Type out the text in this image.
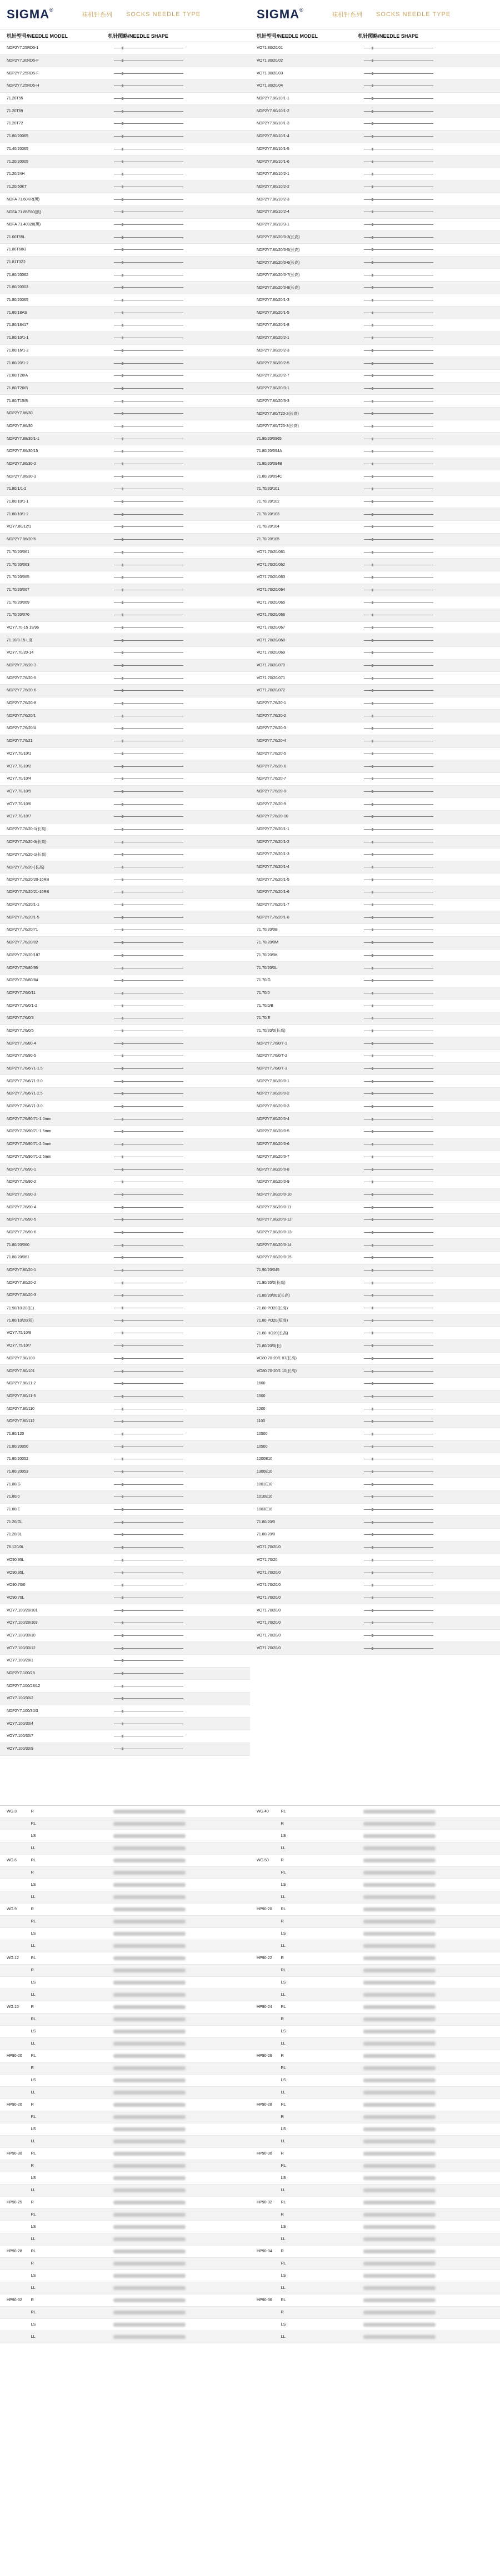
SIGMA®
袜机针系列	SOCKS NEEDLE TYPE	SIGMA®
袜机针系列	SOCKS NEEDLE TYPE
机针型号/NEEDLE MODEL	机针图略/NEEDLE SHAPE	机针型号/NEEDLE MODEL	机针图略/NEEDLE SHAPE
NDP2Y7.25RD5-1
NDP2Y7.30RD5-F
NDP2Y7.25RD5-F
NDP2Y7.25RD5-H
71.20T55
71.20T69
71.20T72
71.80/20065
71.40/20065
71.20/20005
71.20/24H
71.20/60KT
NDFA 71.60KR(黑)
NDFA 71.85E60(黑)
NDFA 71.40020(黑)
71.00T55L
71.80T60/3
71.81T3Z2
71.80/20062
71.80/20003
71.80/20065
71.80/18AS
71.80/18417
71.80/10/1-1
71.80/16/1-2
71.80/20/1-2
71.80/T20/A
71.80/T20/B
71.80/T15/B
NDP2Y7.86/30
NDP2Y7.86/30
NDP2Y7.88/30/1-1
NDP2Y7.86/30/15
NDP2Y7.86/30-2
NDP2Y7.86/30-3
71.80/1/1-2
71.80/10/1-1
71.80/10/1-2
VOY7.80/12/1
NDP2Y7.86/20/6
71.70/20/061
71.70/20/063
71.70/20/065
71.70/20/067
71.70/20/069
71.70/20/070
VOY7.70-15 19/96
71.10/0-15-L高
VOY7.70/20-14
NDP2Y7.76/20-3
NDP2Y7.76/20-5
NDP2Y7.76/20-6
NDP2Y7.76/20-8
NDP2Y7.76/20/1
NDP2Y7.76/20/4
NDP2Y7.76/21
VOY7.70/10/1
VOY7.70/10/2
VOY7.70/10/4
VOY7.70/10/5
VOY7.70/10/6
VOY7.70/10/7
NDP2Y7.76/20-1(长高)
NDP2Y7.76/20-3(长高)
NDP2Y7.76/20-1(长高)
NDP2Y7.76/20-(长高)
NDP2Y7.76/20/20-16RB
NDP2Y7.76/20/21-16RB
NDP2Y7.76/20/1-1
NDP2Y7.76/20/1-5
NDP2Y7.76/20/71
NDP2Y7.76/20/02
NDP2Y7.76/20/187
NDP2Y7.76/80/95
NDP2Y7.76/80/84
NDP2Y7.76/0/11
NDP2Y7.76/0/1-2
NDP2Y7.76/0/3
NDP2Y7.76/0/5
NDP2Y7.76/80-4
NDP2Y7.76/90-5
NDP2Y7.76/6/71-1.5
NDP2Y7.76/6/71-2.0
NDP2Y7.76/6/71-2.5
NDP2Y7.76/6/71-3.0
NDP2Y7.76/90/71-1.0mm
NDP2Y7.76/90/71-1.5mm
NDP2Y7.76/90/71-2.0mm
NDP2Y7.76/90/71-2.5mm
NDP2Y7.76/90-1
NDP2Y7.76/90-2
NDP2Y7.76/90-3
NDP2Y7.76/90-4
NDP2Y7.76/90-5
NDP2Y7.76/90-6
71.80/20/060
71.80/20/061
NDP2Y7.80/20-1
NDP2Y7.80/20-2
NDP2Y7.80/20-3
71.90/10-20(长)
71.80/10/20(短)
VOY7.75/10/8
VOY7.75/10/7
NDP2Y7.80/100
NDP2Y7.80/101
NDP2Y7.80/11-2
NDP2Y7.80/11-5
NDP2Y7.80/110
NDP2Y7.80/112
71.80/120
71.80/20050
71.80/20052
71.80/20053
71.80/G
71.80/0
71.80/E
71.20/GL
71.20/0L
76.120/0L
VO90.95L
VO90.95L
VO90.70/0
VO90.70L
VOY7.100/28/101
VOY7.100/28/103
VOY7.100/30/10
VOY7.100/30/12
VOY7.100/28/1
NDP2Y7.100/28
NDP2Y7.100/28/12
VOY7.100/30/2
NDP2Y7.100/30/3
VOY7.100/30/4
VOY7.100/30/7
VOY7.100/30/9
VO71.80/20/01
VO71.80/20/02
VO71.80/20/03
VO71.80/20/04
NDP2Y7.80/10/1-1
NDP2Y7.80/10/1-2
NDP2Y7.80/10/1-3
NDP2Y7.80/10/1-4
NDP2Y7.80/10/1-5
NDP2Y7.80/10/1-6
NDP2Y7.80/10/2-1
NDP2Y7.80/10/2-2
NDP2Y7.80/10/2-3
NDP2Y7.80/10/2-4
NDP2Y7.80/10/3-1
NDP2Y7.80/20/0-3(长高)
NDP2Y7.80/20/0-5(长高)
NDP2Y7.80/20/0-6(长高)
NDP2Y7.80/20/0-7(长高)
NDP2Y7.80/20/0-8(长高)
NDP2Y7.80/20/1-3
NDP2Y7.80/20/1-5
NDP2Y7.80/20/1-8
NDP2Y7.80/20/2-1
NDP2Y7.80/20/2-3
NDP2Y7.80/20/2-5
NDP2Y7.80/20/2-7
NDP2Y7.80/20/3-1
NDP2Y7.80/20/3-3
NDP2Y7.80/T20-2(长高)
NDP2Y7.80/T20-3(长高)
71.80/20/0965
71.80/20/094A
71.80/20/094B
71.80/20/094C
71.70/20/101
71.70/20/102
71.70/20/103
71.70/20/104
71.70/20/105
VO71.70/20/061
VO71.70/20/062
VO71.70/20/063
VO71.70/20/064
VO71.70/20/065
VO71.70/20/066
VO71.70/20/067
VO71.70/20/068
VO71.70/20/069
VO71.70/20/070
VO71.70/20/071
VO71.70/20/072
NDP2Y7.76/20-1
NDP2Y7.76/20-2
NDP2Y7.76/20-3
NDP2Y7.76/20-4
NDP2Y7.76/20-5
NDP2Y7.76/20-6
NDP2Y7.76/20-7
NDP2Y7.76/20-8
NDP2Y7.76/20-9
NDP2Y7.76/20-10
NDP2Y7.76/20/1-1
NDP2Y7.76/20/1-2
NDP2Y7.76/20/1-3
NDP2Y7.76/20/1-4
NDP2Y7.76/20/1-5
NDP2Y7.76/20/1-6
NDP2Y7.76/20/1-7
NDP2Y7.76/20/1-8
71.70/20/0B
71.70/20/0M
71.70/20/0K
71.70/20/0L
71.70/G
71.70/0
71.70/0/B
71.70/E
71.70/20/0(长高)
NDP2Y7.76/0/T-1
NDP2Y7.76/0/T-2
NDP2Y7.76/0/T-3
NDP2Y7.80/20/0-1
NDP2Y7.80/20/0-2
NDP2Y7.80/20/0-3
NDP2Y7.80/20/0-4
NDP2Y7.80/20/0-5
NDP2Y7.80/20/0-6
NDP2Y7.80/20/0-7
NDP2Y7.80/20/0-8
NDP2Y7.80/20/0-9
NDP2Y7.80/20/0-10
NDP2Y7.80/20/0-11
NDP2Y7.80/20/0-12
NDP2Y7.80/20/0-13
NDP2Y7.80/20/0-14
NDP2Y7.80/20/0-15
71.90/20/045
71.80/20/0(长高)
71.80/20/001(长高)
71.80 PO20(长高)
71.80 PO20(短高)
71.80 HO20(长高)
71.80/20/0(长)
VO80.70-20/1 07(长高)
VO80.70-20/1 10(长高)
1600
1500
1200
1100
10500
10500
1200E10
1300E10
1001E10
1010E10
1003E10
71.80/20/0
71.80/20/0
VO71.70/20/0
VO71.70/20
VO71.70/20/0
VO71.70/20/0
VO71.70/20/0
VO71.70/20/0
VO71.70/20/0
VO71.70/20/0
VO71.70/20/0
WG.3	R
RL
LS
LL
WG.6	RL
R
LS
LL
WG.9	R
RL
LS
LL
WG.12	RL
R
LS
LL
WG.15	R
RL
LS
LL
HP90-20	RL
R
LS
LL
HP90-20	R
RL
LS
LL
HP90-30	RL
R
LS
LL
HP90-25	R
RL
LS
LL
HP90-28	RL
R
LS
LL
HP90-32	R
RL
LS
LL
WG.40	RL
R
LS
LL
WG.50	R
RL
LS
LL
HP90-20	RL
R
LS
LL
HP90-22	R
RL
LS
LL
HP90-24	RL
R
LS
LL
HP90-26	R
RL
LS
LL
HP90-28	RL
R
LS
LL
HP90-30	R
RL
LS
LL
HP90-32	RL
R
LS
LL
HP90-34	R
RL
LS
LL
HP90-36	RL
R
LS
LL
